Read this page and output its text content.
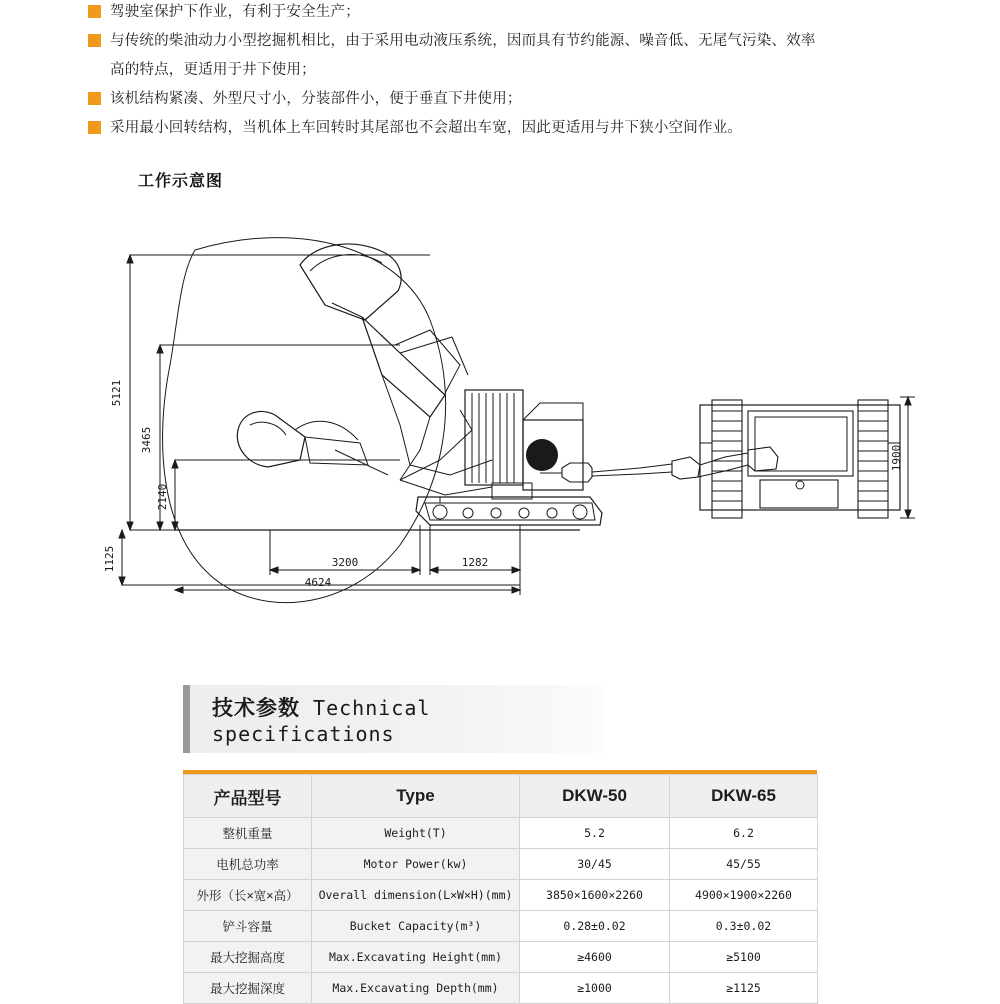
驾驶室保护下作业，有利于安全生产；
与传统的柴油动力小型挖掘机相比，由于采用电动液压系统，因而具有节约能源、噪音低、无尾气污染、效率
高的特点，更适用于井下使用；
该机结构紧凑、外型尺寸小，分装部件小，便于垂直下井使用；
采用最小回转结构，当机体上车回转时其尾部也不会超出车宽，因此更适用与井下狭小空间作业。
工作示意图
5121
3465
2140
1125	3200	1282
4624
1900
技术参数 Technical specifications
产品型号	Type	DKW-50	DKW-65
整机重量	Weight(T)	5.2	6.2
电机总功率	Motor Power(kw)	30/45	45/55
外形（长×宽×高）	Overall dimension(L×W×H)(mm)	3850×1600×2260	4900×1900×2260
铲斗容量	Bucket Capacity(m³)	0.28±0.02	0.3±0.02
最大挖掘高度	Max.Excavating Height(mm)	≥4600	≥5100
最大挖掘深度	Max.Excavating Depth(mm)	≥1000	≥1125
